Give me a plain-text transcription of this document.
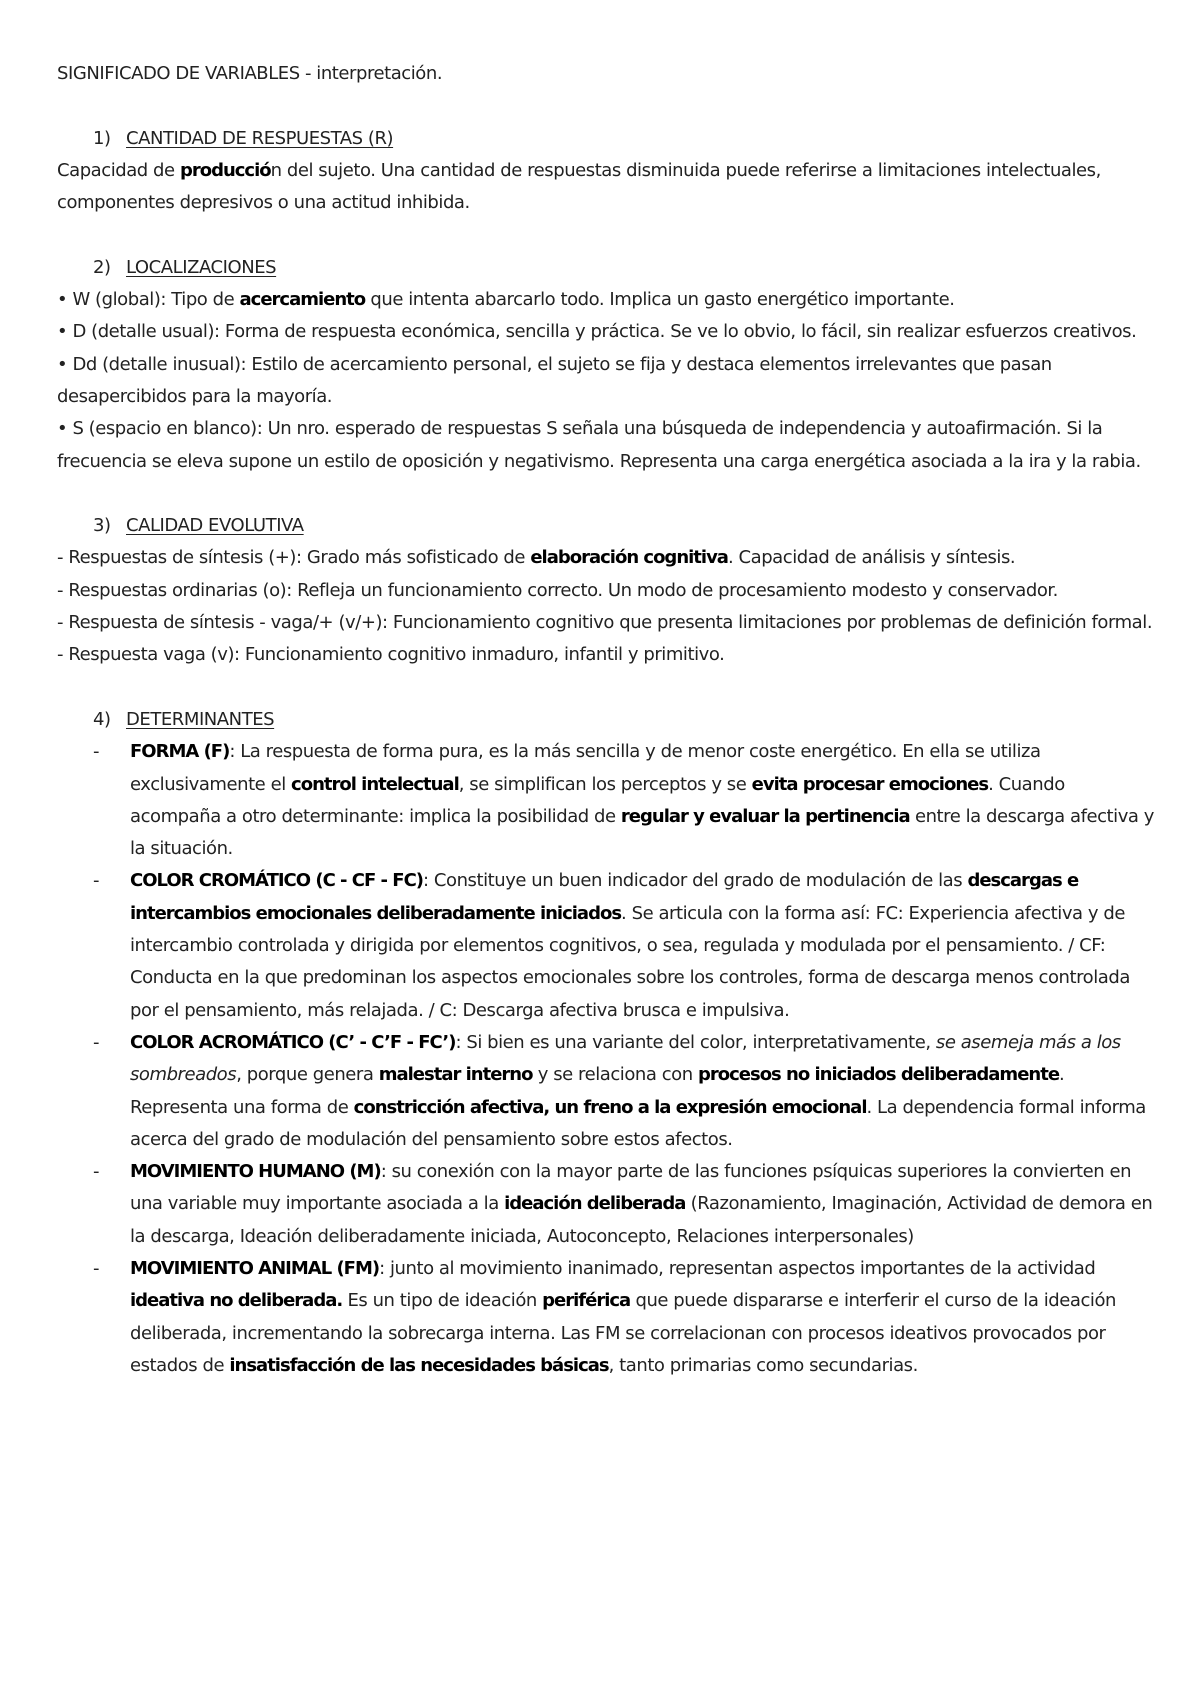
SIGNIFICADO DE VARIABLES - interpretación.

1) CANTIDAD DE RESPUESTAS (R)

Capacidad de producción del sujeto. Una cantidad de respuestas disminuida puede referirse a limitaciones intelectuales, componentes depresivos o una actitud inhibida.

2) LOCALIZACIONES

• W (global): Tipo de acercamiento que intenta abarcarlo todo. Implica un gasto energético importante.

• D (detalle usual): Forma de respuesta económica, sencilla y práctica. Se ve lo obvio, lo fácil, sin realizar esfuerzos creativos.

• Dd (detalle inusual): Estilo de acercamiento personal, el sujeto se fija y destaca elementos irrelevantes que pasan desapercibidos para la mayoría.

• S (espacio en blanco): Un nro. esperado de respuestas S señala una búsqueda de independencia y autoafirmación. Si la frecuencia se eleva supone un estilo de oposición y negativismo. Representa una carga energética asociada a la ira y la rabia.

3) CALIDAD EVOLUTIVA

- Respuestas de síntesis (+): Grado más sofisticado de elaboración cognitiva. Capacidad de análisis y síntesis.

- Respuestas ordinarias (o): Refleja un funcionamiento correcto. Un modo de procesamiento modesto y conservador.

- Respuesta de síntesis - vaga/+ (v/+): Funcionamiento cognitivo que presenta limitaciones por problemas de definición formal.

- Respuesta vaga (v): Funcionamiento cognitivo inmaduro, infantil y primitivo.

4) DETERMINANTES

- FORMA (F): La respuesta de forma pura, es la más sencilla y de menor coste energético. En ella se utiliza exclusivamente el control intelectual, se simplifican los perceptos y se evita procesar emociones. Cuando acompaña a otro determinante: implica la posibilidad de regular y evaluar la pertinencia entre la descarga afectiva y la situación.
- COLOR CROMÁTICO (C - CF - FC): Constituye un buen indicador del grado de modulación de las descargas e intercambios emocionales deliberadamente iniciados. Se articula con la forma así: FC: Experiencia afectiva y de intercambio controlada y dirigida por elementos cognitivos, o sea, regulada y modulada por el pensamiento. / CF: Conducta en la que predominan los aspectos emocionales sobre los controles, forma de descarga menos controlada por el pensamiento, más relajada. / C: Descarga afectiva brusca e impulsiva.
- COLOR ACROMÁTICO (C’ - C’F - FC’): Si bien es una variante del color, interpretativamente, se asemeja más a los sombreados, porque genera malestar interno y se relaciona con procesos no iniciados deliberadamente. Representa una forma de constricción afectiva, un freno a la expresión emocional. La dependencia formal informa acerca del grado de modulación del pensamiento sobre estos afectos.
- MOVIMIENTO HUMANO (M): su conexión con la mayor parte de las funciones psíquicas superiores la convierten en una variable muy importante asociada a la ideación deliberada (Razonamiento, Imaginación, Actividad de demora en la descarga, Ideación deliberadamente iniciada, Autoconcepto, Relaciones interpersonales)
- MOVIMIENTO ANIMAL (FM): junto al movimiento inanimado, representan aspectos importantes de la actividad ideativa no deliberada. Es un tipo de ideación periférica que puede dispararse e interferir el curso de la ideación deliberada, incrementando la sobrecarga interna. Las FM se correlacionan con procesos ideativos provocados por estados de insatisfacción de las necesidades básicas, tanto primarias como secundarias.
